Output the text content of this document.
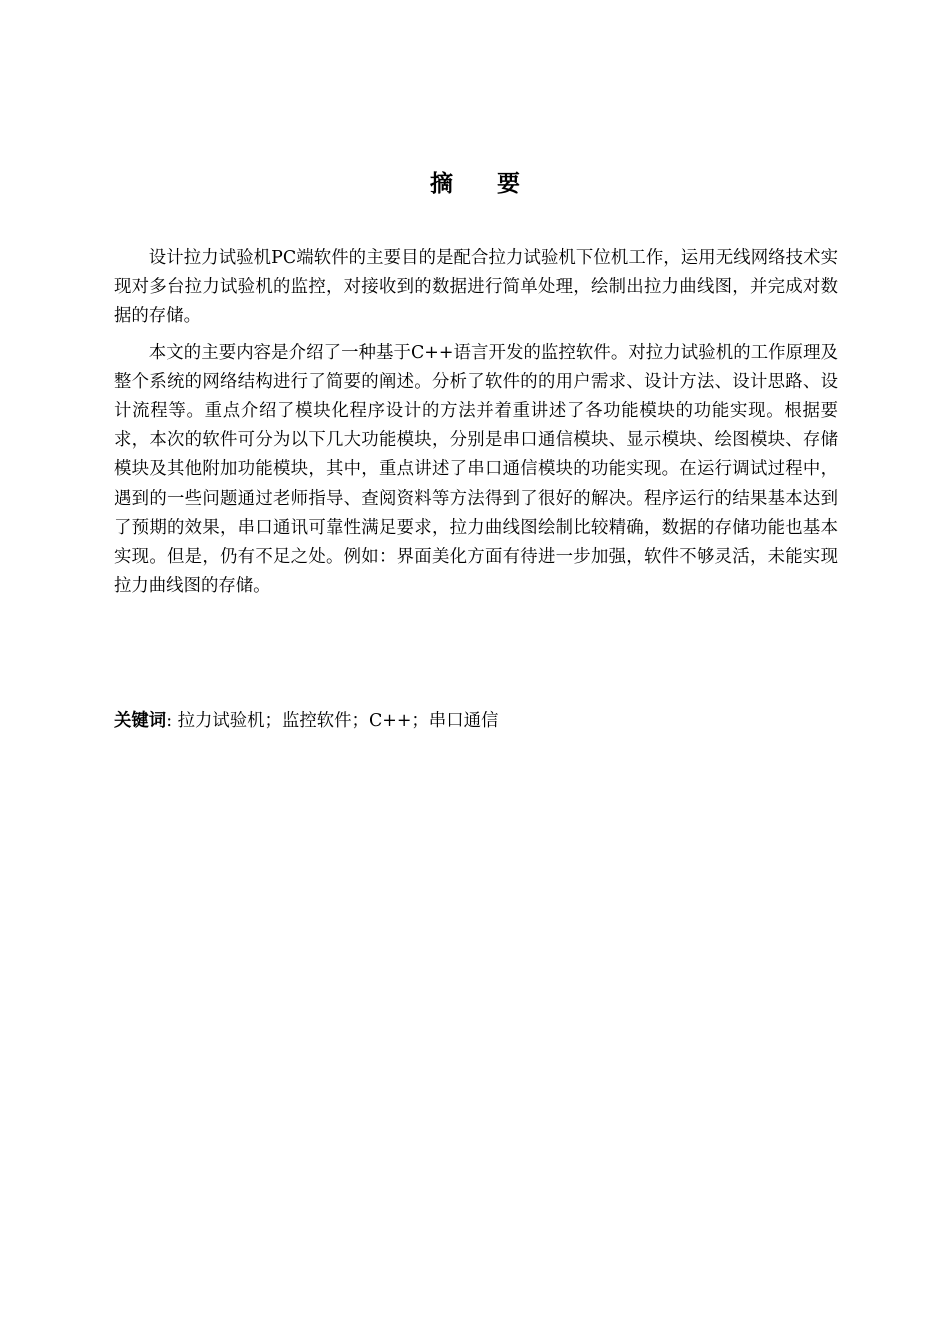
摘要

设计拉力试验机PC端软件的主要目的是配合拉力试验机下位机工作，运用无线网络技术实现对多台拉力试验机的监控，对接收到的数据进行简单处理，绘制出拉力曲线图，并完成对数据的存储。

本文的主要内容是介绍了一种基于C++语言开发的监控软件。对拉力试验机的工作原理及整个系统的网络结构进行了简要的阐述。分析了软件的的用户需求、设计方法、设计思路、设计流程等。重点介绍了模块化程序设计的方法并着重讲述了各功能模块的功能实现。根据要求，本次的软件可分为以下几大功能模块，分别是串口通信模块、显示模块、绘图模块、存储模块及其他附加功能模块，其中，重点讲述了串口通信模块的功能实现。在运行调试过程中，遇到的一些问题通过老师指导、查阅资料等方法得到了很好的解决。程序运行的结果基本达到了预期的效果，串口通讯可靠性满足要求，拉力曲线图绘制比较精确，数据的存储功能也基本实现。但是，仍有不足之处。例如：界面美化方面有待进一步加强，软件不够灵活，未能实现拉力曲线图的存储。

关键词: 拉力试验机；监控软件；C++；串口通信
